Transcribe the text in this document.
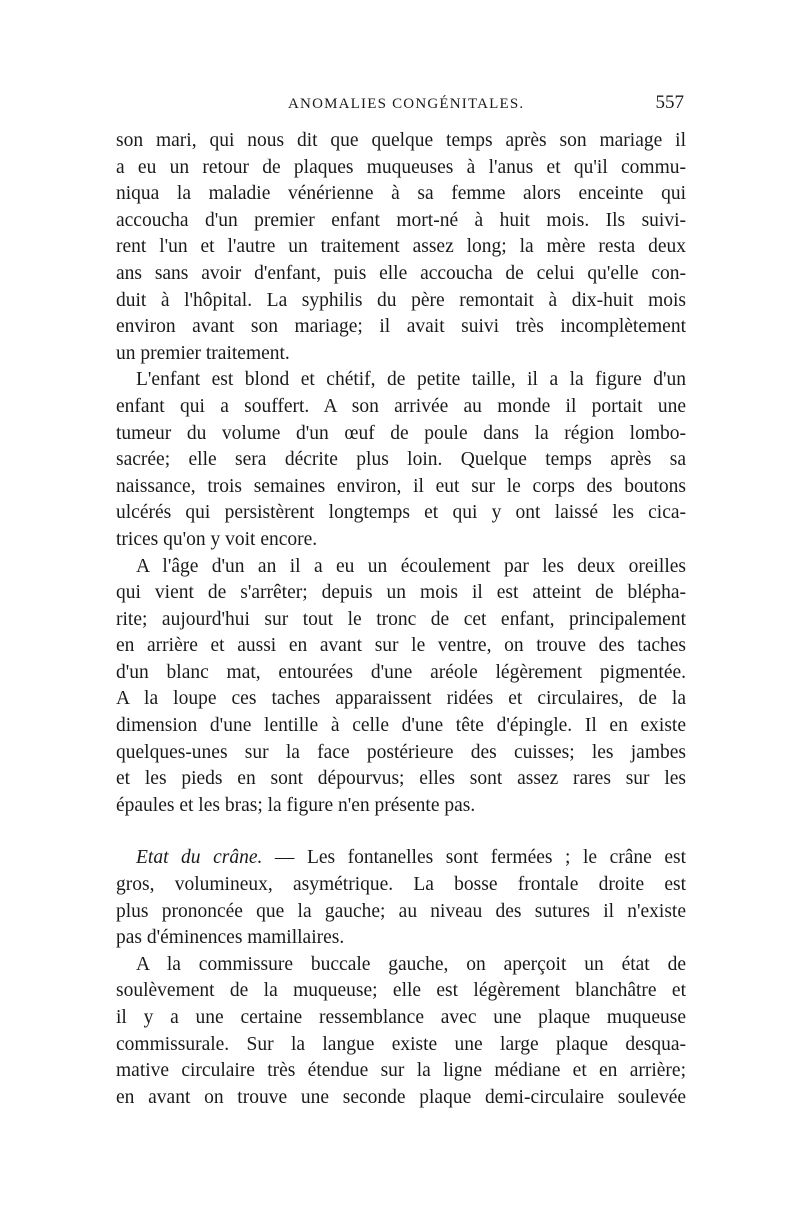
ANOMALIES CONGÉNITALES.	557
son mari, qui nous dit que quelque temps après son mariage il
a eu un retour de plaques muqueuses à l'anus et qu'il commu-
niqua la maladie vénérienne à sa femme alors enceinte qui
accoucha d'un premier enfant mort-né à huit mois. Ils suivi-
rent l'un et l'autre un traitement assez long; la mère resta deux
ans sans avoir d'enfant, puis elle accoucha de celui qu'elle con-
duit à l'hôpital. La syphilis du père remontait à dix-huit mois
environ avant son mariage; il avait suivi très incomplètement
un premier traitement.
L'enfant est blond et chétif, de petite taille, il a la figure d'un
enfant qui a souffert. A son arrivée au monde il portait une
tumeur du volume d'un œuf de poule dans la région lombo-
sacrée; elle sera décrite plus loin. Quelque temps après sa
naissance, trois semaines environ, il eut sur le corps des boutons
ulcérés qui persistèrent longtemps et qui y ont laissé les cica-
trices qu'on y voit encore.
A l'âge d'un an il a eu un écoulement par les deux oreilles
qui vient de s'arrêter; depuis un mois il est atteint de blépha-
rite; aujourd'hui sur tout le tronc de cet enfant, principalement
en arrière et aussi en avant sur le ventre, on trouve des taches
d'un blanc mat, entourées d'une aréole légèrement pigmentée.
A la loupe ces taches apparaissent ridées et circulaires, de la
dimension d'une lentille à celle d'une tête d'épingle. Il en existe
quelques-unes sur la face postérieure des cuisses; les jambes
et les pieds en sont dépourvus; elles sont assez rares sur les
épaules et les bras; la figure n'en présente pas.
Etat du crâne. — Les fontanelles sont fermées ; le crâne est
gros, volumineux, asymétrique. La bosse frontale droite est
plus prononcée que la gauche; au niveau des sutures il n'existe
pas d'éminences mamillaires.
A la commissure buccale gauche, on aperçoit un état de
soulèvement de la muqueuse; elle est légèrement blanchâtre et
il y a une certaine ressemblance avec une plaque muqueuse
commissurale. Sur la langue existe une large plaque desqua-
mative circulaire très étendue sur la ligne médiane et en arrière;
en avant on trouve une seconde plaque demi-circulaire soulevée
